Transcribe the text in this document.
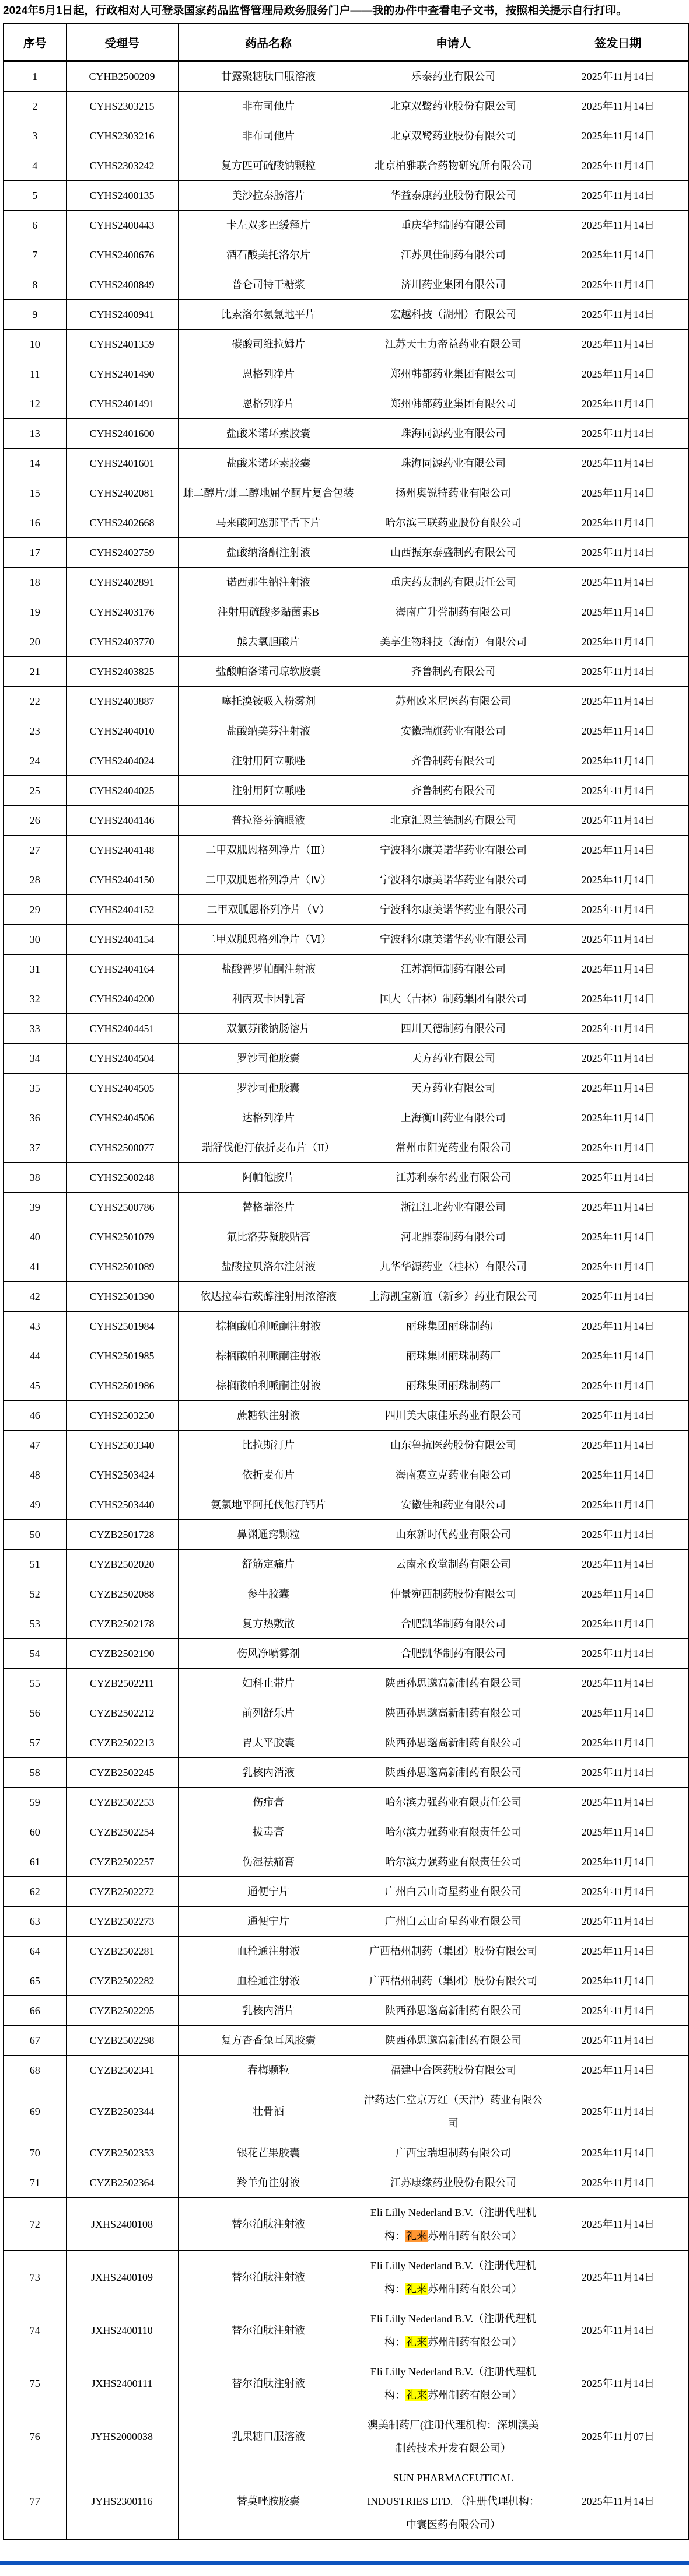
2024年5月1日起，行政相对人可登录国家药品监督管理局政务服务门户——我的办件中查看电子文书，按照相关提示自行打印。

序号	受理号	药品名称	申请人	签发日期
1	CYHB2500209	甘露聚糖肽口服溶液	乐泰药业有限公司	2025年11月14日
2	CYHS2303215	非布司他片	北京双鹭药业股份有限公司	2025年11月14日
3	CYHS2303216	非布司他片	北京双鹭药业股份有限公司	2025年11月14日
4	CYHS2303242	复方匹可硫酸钠颗粒	北京柏雅联合药物研究所有限公司	2025年11月14日
5	CYHS2400135	美沙拉秦肠溶片	华益泰康药业股份有限公司	2025年11月14日
6	CYHS2400443	卡左双多巴缓释片	重庆华邦制药有限公司	2025年11月14日
7	CYHS2400676	酒石酸美托洛尔片	江苏贝佳制药有限公司	2025年11月14日
8	CYHS2400849	普仑司特干糖浆	济川药业集团有限公司	2025年11月14日
9	CYHS2400941	比索洛尔氨氯地平片	宏越科技（湖州）有限公司	2025年11月14日
10	CYHS2401359	碳酸司维拉姆片	江苏天士力帝益药业有限公司	2025年11月14日
11	CYHS2401490	恩格列净片	郑州韩都药业集团有限公司	2025年11月14日
12	CYHS2401491	恩格列净片	郑州韩都药业集团有限公司	2025年11月14日
13	CYHS2401600	盐酸米诺环素胶囊	珠海同源药业有限公司	2025年11月14日
14	CYHS2401601	盐酸米诺环素胶囊	珠海同源药业有限公司	2025年11月14日
15	CYHS2402081	雌二醇片/雌二醇地屈孕酮片复合包装	扬州奥锐特药业有限公司	2025年11月14日
16	CYHS2402668	马来酸阿塞那平舌下片	哈尔滨三联药业股份有限公司	2025年11月14日
17	CYHS2402759	盐酸纳洛酮注射液	山西振东泰盛制药有限公司	2025年11月14日
18	CYHS2402891	诺西那生钠注射液	重庆药友制药有限责任公司	2025年11月14日
19	CYHS2403176	注射用硫酸多黏菌素B	海南广升誉制药有限公司	2025年11月14日
20	CYHS2403770	熊去氧胆酸片	美享生物科技（海南）有限公司	2025年11月14日
21	CYHS2403825	盐酸帕洛诺司琼软胶囊	齐鲁制药有限公司	2025年11月14日
22	CYHS2403887	噻托溴铵吸入粉雾剂	苏州欧米尼医药有限公司	2025年11月14日
23	CYHS2404010	盐酸纳美芬注射液	安徽瑞旗药业有限公司	2025年11月14日
24	CYHS2404024	注射用阿立哌唑	齐鲁制药有限公司	2025年11月14日
25	CYHS2404025	注射用阿立哌唑	齐鲁制药有限公司	2025年11月14日
26	CYHS2404146	普拉洛芬滴眼液	北京汇恩兰德制药有限公司	2025年11月14日
27	CYHS2404148	二甲双胍恩格列净片（Ⅲ）	宁波科尔康美诺华药业有限公司	2025年11月14日
28	CYHS2404150	二甲双胍恩格列净片（Ⅳ）	宁波科尔康美诺华药业有限公司	2025年11月14日
29	CYHS2404152	二甲双胍恩格列净片（Ⅴ）	宁波科尔康美诺华药业有限公司	2025年11月14日
30	CYHS2404154	二甲双胍恩格列净片（Ⅵ）	宁波科尔康美诺华药业有限公司	2025年11月14日
31	CYHS2404164	盐酸普罗帕酮注射液	江苏润恒制药有限公司	2025年11月14日
32	CYHS2404200	利丙双卡因乳膏	国大（吉林）制药集团有限公司	2025年11月14日
33	CYHS2404451	双氯芬酸钠肠溶片	四川天德制药有限公司	2025年11月14日
34	CYHS2404504	罗沙司他胶囊	天方药业有限公司	2025年11月14日
35	CYHS2404505	罗沙司他胶囊	天方药业有限公司	2025年11月14日
36	CYHS2404506	达格列净片	上海衡山药业有限公司	2025年11月14日
37	CYHS2500077	瑞舒伐他汀依折麦布片（II）	常州市阳光药业有限公司	2025年11月14日
38	CYHS2500248	阿帕他胺片	江苏利泰尔药业有限公司	2025年11月14日
39	CYHS2500786	替格瑞洛片	浙江江北药业有限公司	2025年11月14日
40	CYHS2501079	氟比洛芬凝胶贴膏	河北鼎泰制药有限公司	2025年11月14日
41	CYHS2501089	盐酸拉贝洛尔注射液	九华华源药业（桂林）有限公司	2025年11月14日
42	CYHS2501390	依达拉奉右莰醇注射用浓溶液	上海凯宝新谊（新乡）药业有限公司	2025年11月14日
43	CYHS2501984	棕榈酸帕利哌酮注射液	丽珠集团丽珠制药厂	2025年11月14日
44	CYHS2501985	棕榈酸帕利哌酮注射液	丽珠集团丽珠制药厂	2025年11月14日
45	CYHS2501986	棕榈酸帕利哌酮注射液	丽珠集团丽珠制药厂	2025年11月14日
46	CYHS2503250	蔗糖铁注射液	四川美大康佳乐药业有限公司	2025年11月14日
47	CYHS2503340	比拉斯汀片	山东鲁抗医药股份有限公司	2025年11月14日
48	CYHS2503424	依折麦布片	海南赛立克药业有限公司	2025年11月14日
49	CYHS2503440	氨氯地平阿托伐他汀钙片	安徽佳和药业有限公司	2025年11月14日
50	CYZB2501728	鼻渊通窍颗粒	山东新时代药业有限公司	2025年11月14日
51	CYZB2502020	舒筋定痛片	云南永孜堂制药有限公司	2025年11月14日
52	CYZB2502088	参牛胶囊	仲景宛西制药股份有限公司	2025年11月14日
53	CYZB2502178	复方热敷散	合肥凯华制药有限公司	2025年11月14日
54	CYZB2502190	伤风净喷雾剂	合肥凯华制药有限公司	2025年11月14日
55	CYZB2502211	妇科止带片	陕西孙思邈高新制药有限公司	2025年11月14日
56	CYZB2502212	前列舒乐片	陕西孙思邈高新制药有限公司	2025年11月14日
57	CYZB2502213	胃太平胶囊	陕西孙思邈高新制药有限公司	2025年11月14日
58	CYZB2502245	乳核内消液	陕西孙思邈高新制药有限公司	2025年11月14日
59	CYZB2502253	伤疖膏	哈尔滨力强药业有限责任公司	2025年11月14日
60	CYZB2502254	拔毒膏	哈尔滨力强药业有限责任公司	2025年11月14日
61	CYZB2502257	伤湿祛痛膏	哈尔滨力强药业有限责任公司	2025年11月14日
62	CYZB2502272	通便宁片	广州白云山奇星药业有限公司	2025年11月14日
63	CYZB2502273	通便宁片	广州白云山奇星药业有限公司	2025年11月14日
64	CYZB2502281	血栓通注射液	广西梧州制药（集团）股份有限公司	2025年11月14日
65	CYZB2502282	血栓通注射液	广西梧州制药（集团）股份有限公司	2025年11月14日
66	CYZB2502295	乳核内消片	陕西孙思邈高新制药有限公司	2025年11月14日
67	CYZB2502298	复方杏香兔耳风胶囊	陕西孙思邈高新制药有限公司	2025年11月14日
68	CYZB2502341	春梅颗粒	福建中合医药股份有限公司	2025年11月14日
69	CYZB2502344	壮骨酒	津药达仁堂京万红（天津）药业有限公司	2025年11月14日
70	CYZB2502353	银花芒果胶囊	广西宝瑞坦制药有限公司	2025年11月14日
71	CYZB2502364	羚羊角注射液	江苏康缘药业股份有限公司	2025年11月14日
72	JXHS2400108	替尔泊肽注射液	Eli Lilly Nederland B.V.（注册代理机构：礼来苏州制药有限公司）	2025年11月14日
73	JXHS2400109	替尔泊肽注射液	Eli Lilly Nederland B.V.（注册代理机构：礼来苏州制药有限公司）	2025年11月14日
74	JXHS2400110	替尔泊肽注射液	Eli Lilly Nederland B.V.（注册代理机构：礼来苏州制药有限公司）	2025年11月14日
75	JXHS2400111	替尔泊肽注射液	Eli Lilly Nederland B.V.（注册代理机构：礼来苏州制药有限公司）	2025年11月14日
76	JYHS2000038	乳果糖口服溶液	澳美制药厂(注册代理机构：深圳澳美制药技术开发有限公司）	2025年11月07日
77	JYHS2300116	替莫唑胺胶囊	SUN PHARMACEUTICAL INDUSTRIES LTD. （注册代理机构：中寰医药有限公司）	2025年11月14日
